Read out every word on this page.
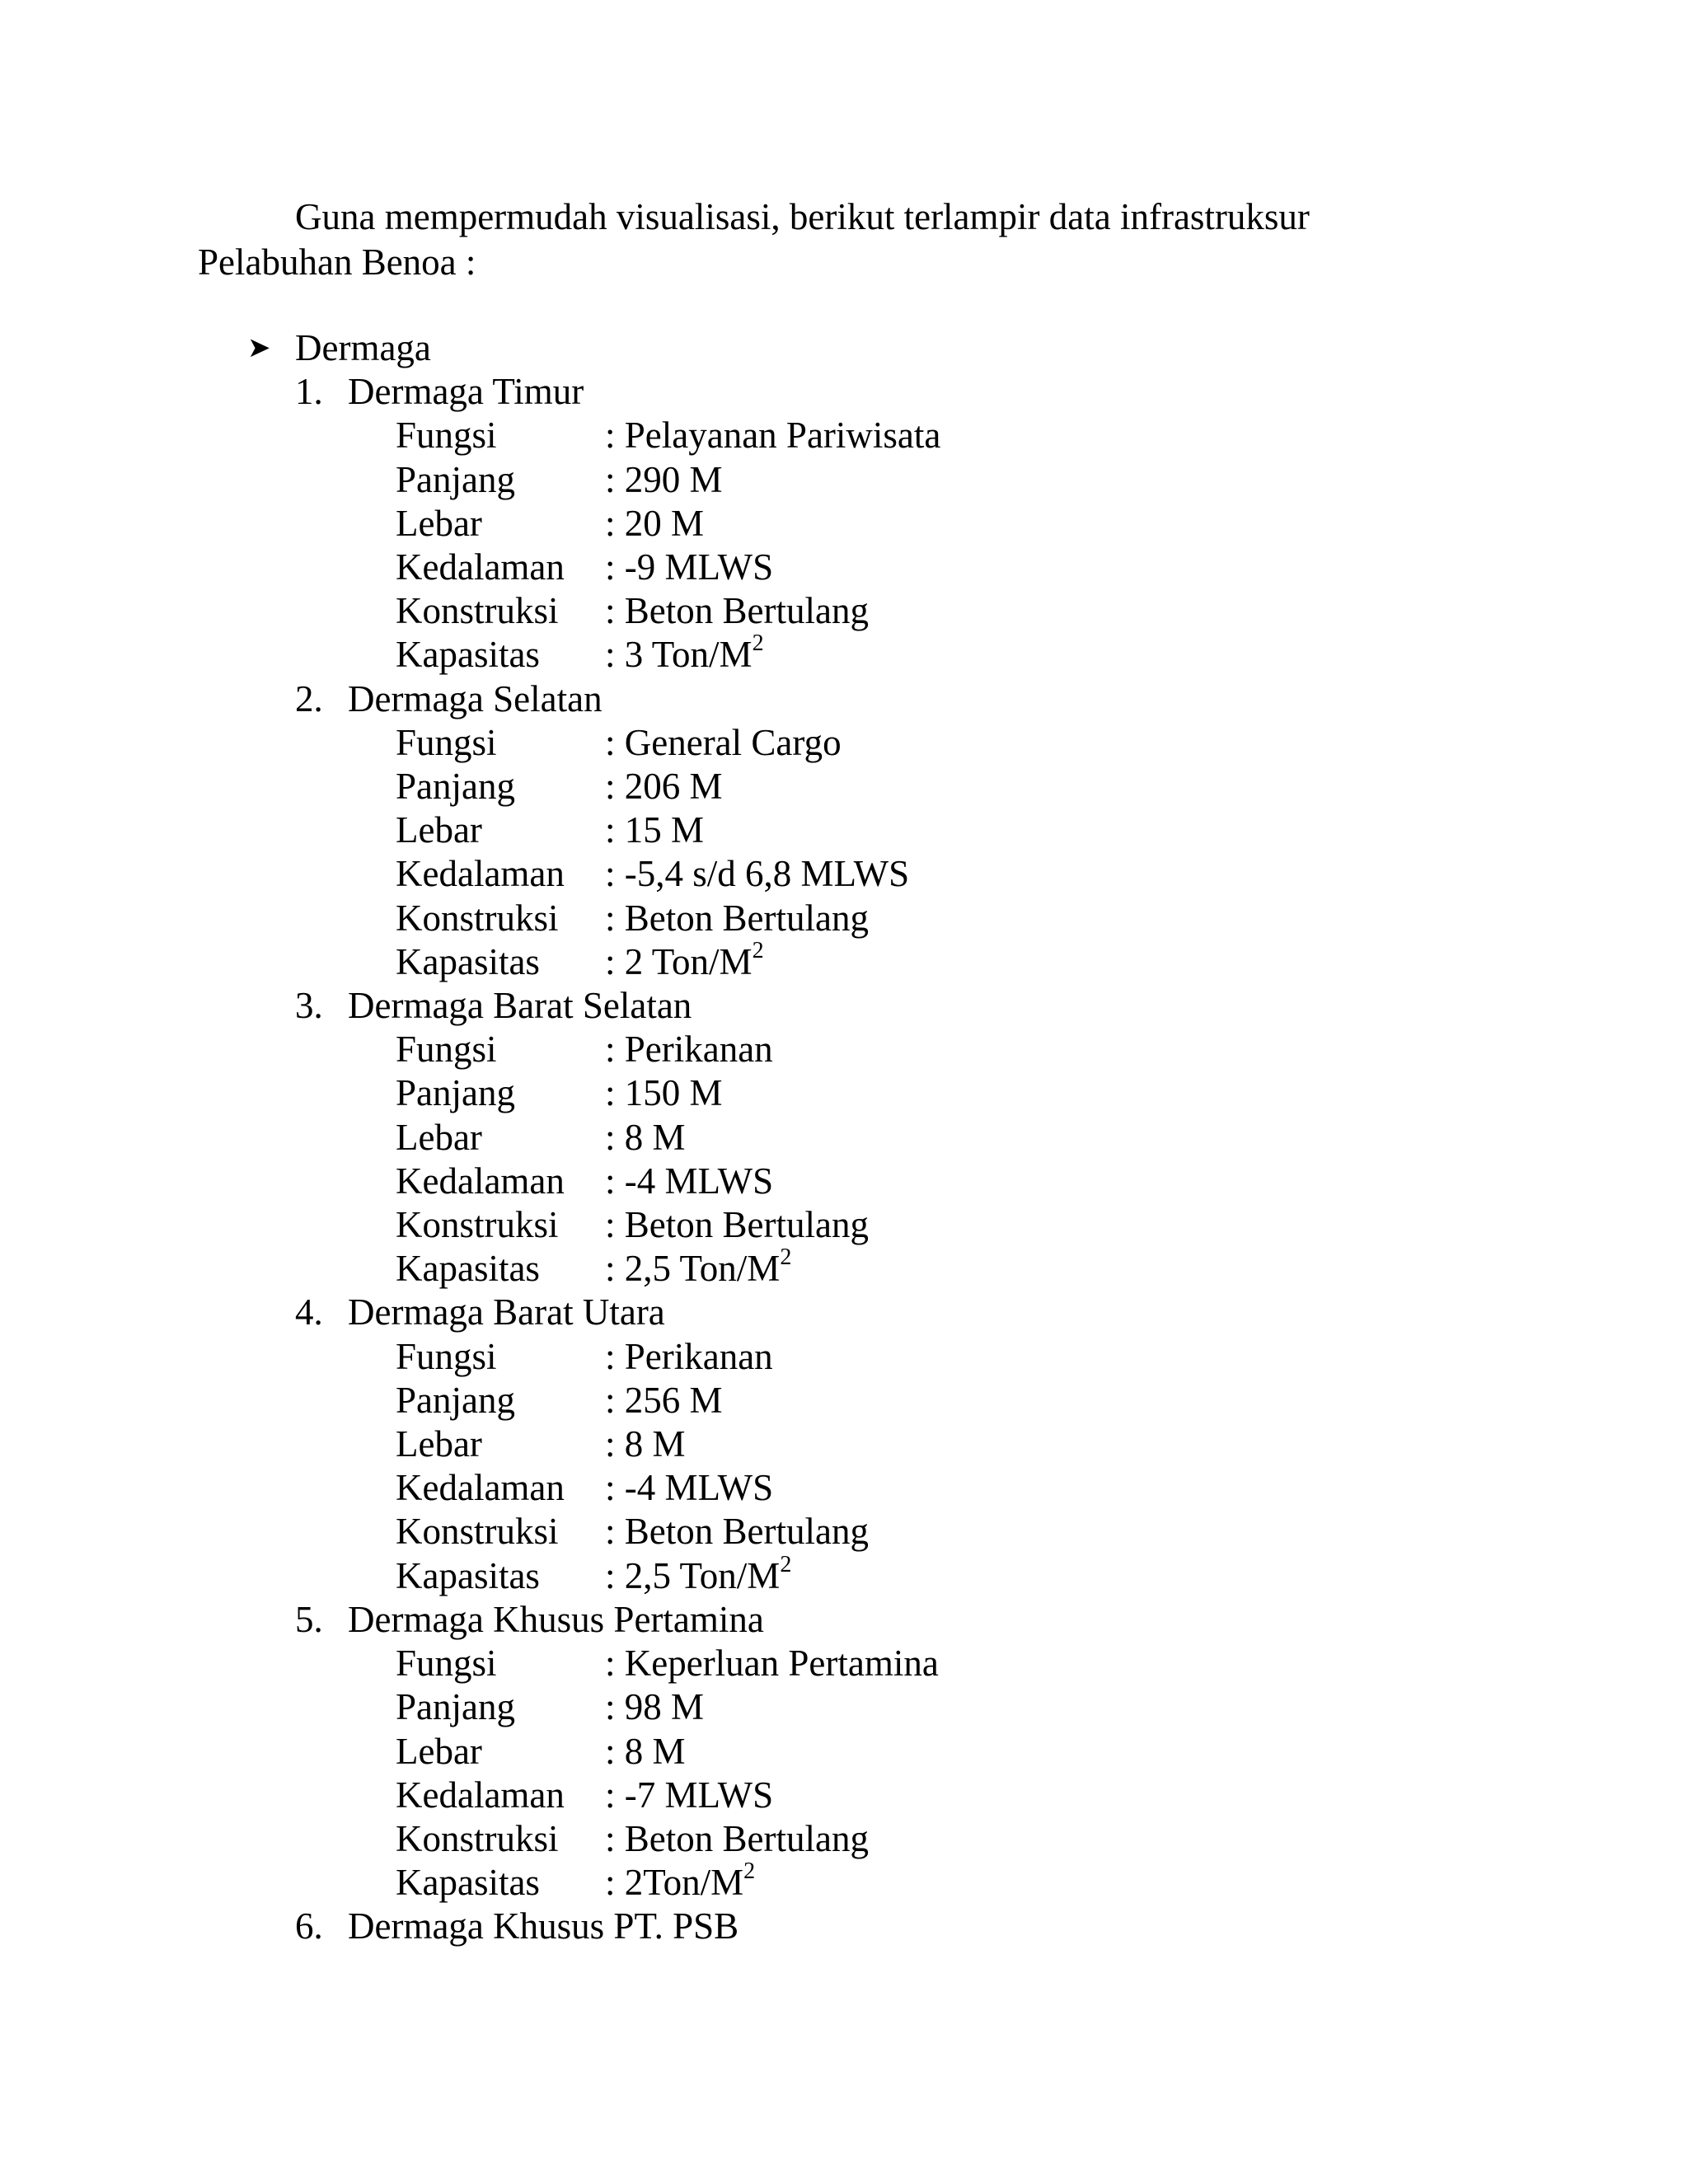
Guna mempermudah visualisasi, berikut terlampir data infrastruksur
Pelabuhan Benoa :
➤ Dermaga
1. Dermaga Timur
Fungsi	: Pelayanan Pariwisata
Panjang	: 290 M
Lebar	: 20 M
Kedalaman	: -9 MLWS
Konstruksi	: Beton Bertulang
Kapasitas	: 3 Ton/$M^2$
2. Dermaga Selatan
Fungsi	: General Cargo
Panjang	: 206 M
Lebar	: 15 M
Kedalaman	: -5,4 s/d 6,8 MLWS
Konstruksi	: Beton Bertulang
Kapasitas	: 2 Ton/$M^2$
3. Dermaga Barat Selatan
Fungsi	: Perikanan
Panjang	: 150 M
Lebar	: 8 M
Kedalaman	: -4 MLWS
Konstruksi	: Beton Bertulang
Kapasitas	: 2,5 Ton/$M^2$
4. Dermaga Barat Utara
Fungsi	: Perikanan
Panjang	: 256 M
Lebar	: 8 M
Kedalaman	: -4 MLWS
Konstruksi	: Beton Bertulang
Kapasitas	: 2,5 Ton/$M^2$
5. Dermaga Khusus Pertamina
Fungsi	: Keperluan Pertamina
Panjang	: 98 M
Lebar	: 8 M
Kedalaman	: -7 MLWS
Konstruksi	: Beton Bertulang
Kapasitas	: $2Ton/M^2$
6. Dermaga Khusus PT. PSB
